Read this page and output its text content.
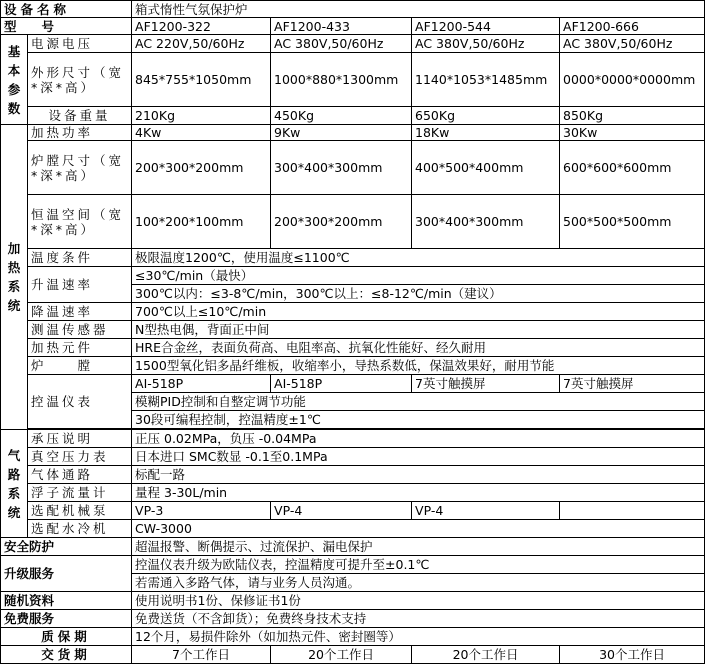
设备名称		箱式惰性气氛保护炉			
型　　号		AF1200-322	AF1200-433	AF1200-544	AF1200-666

基本参数	电源电压	AC 220V,50/60Hz	AC 380V,50/60Hz	AC 380V,50/60Hz	AC 380V,50/60Hz
	外形尺寸（宽*深*高）	845*755*1050mm	1000*880*1300mm	1140*1053*1485mm	0000*0000*0000mm
	设备重量	210Kg	450Kg	650Kg	850Kg

加热系统	加热功率	4Kw	9Kw	18Kw	30Kw
	炉膛尺寸（宽*深*高）	200*300*200mm	300*400*300mm	400*500*400mm	600*600*600mm
	恒温空间（宽*深*高）	100*200*100mm	200*300*200mm	300*400*300mm	500*500*500mm
	温度条件	极限温度1200℃，使用温度≤1100℃			
	升温速率	≤30℃/min（最快）			
		300℃以内：≤3-8℃/min，300℃以上：≤8-12℃/min（建议）			
	降温速率	700℃以上≤10℃/min			
	测温传感器	N型热电偶，背面正中间			
	加热元件	HRE合金丝，表面负荷高、电阻率高、抗氧化性能好、经久耐用			
	炉　　膛	1500型氧化铝多晶纤维板，收缩率小，导热系数低，保温效果好，耐用节能			
	控温仪表	AI-518P	AI-518P	7英寸触摸屏	7英寸触摸屏
		模糊PID控制和自整定调节功能			
		30段可编程控制，控温精度±1℃			

气路系统	承压说明	正压 0.02MPa，负压 -0.04MPa			
	真空压力表	日本进口 SMC数显 -0.1至0.1MPa			
	气体通路	标配一路			
	浮子流量计	量程 3-30L/min			
	选配机械泵	VP-3	VP-4	VP-4	
	选配水冷机	CW-3000			
安全防护		超温报警、断偶提示、过流保护、漏电保护			
升级服务		控温仪表升级为欧陆仪表，控温精度可提升至±0.1℃			
		若需通入多路气体，请与业务人员沟通。			
随机资料		使用说明书1份、保修证书1份			
免费服务		免费送货（不含卸货）；免费终身技术支持			
质保期		12个月，易损件除外（如加热元件、密封圈等）			
交货期		7个工作日	20个工作日	20个工作日	30个工作日
